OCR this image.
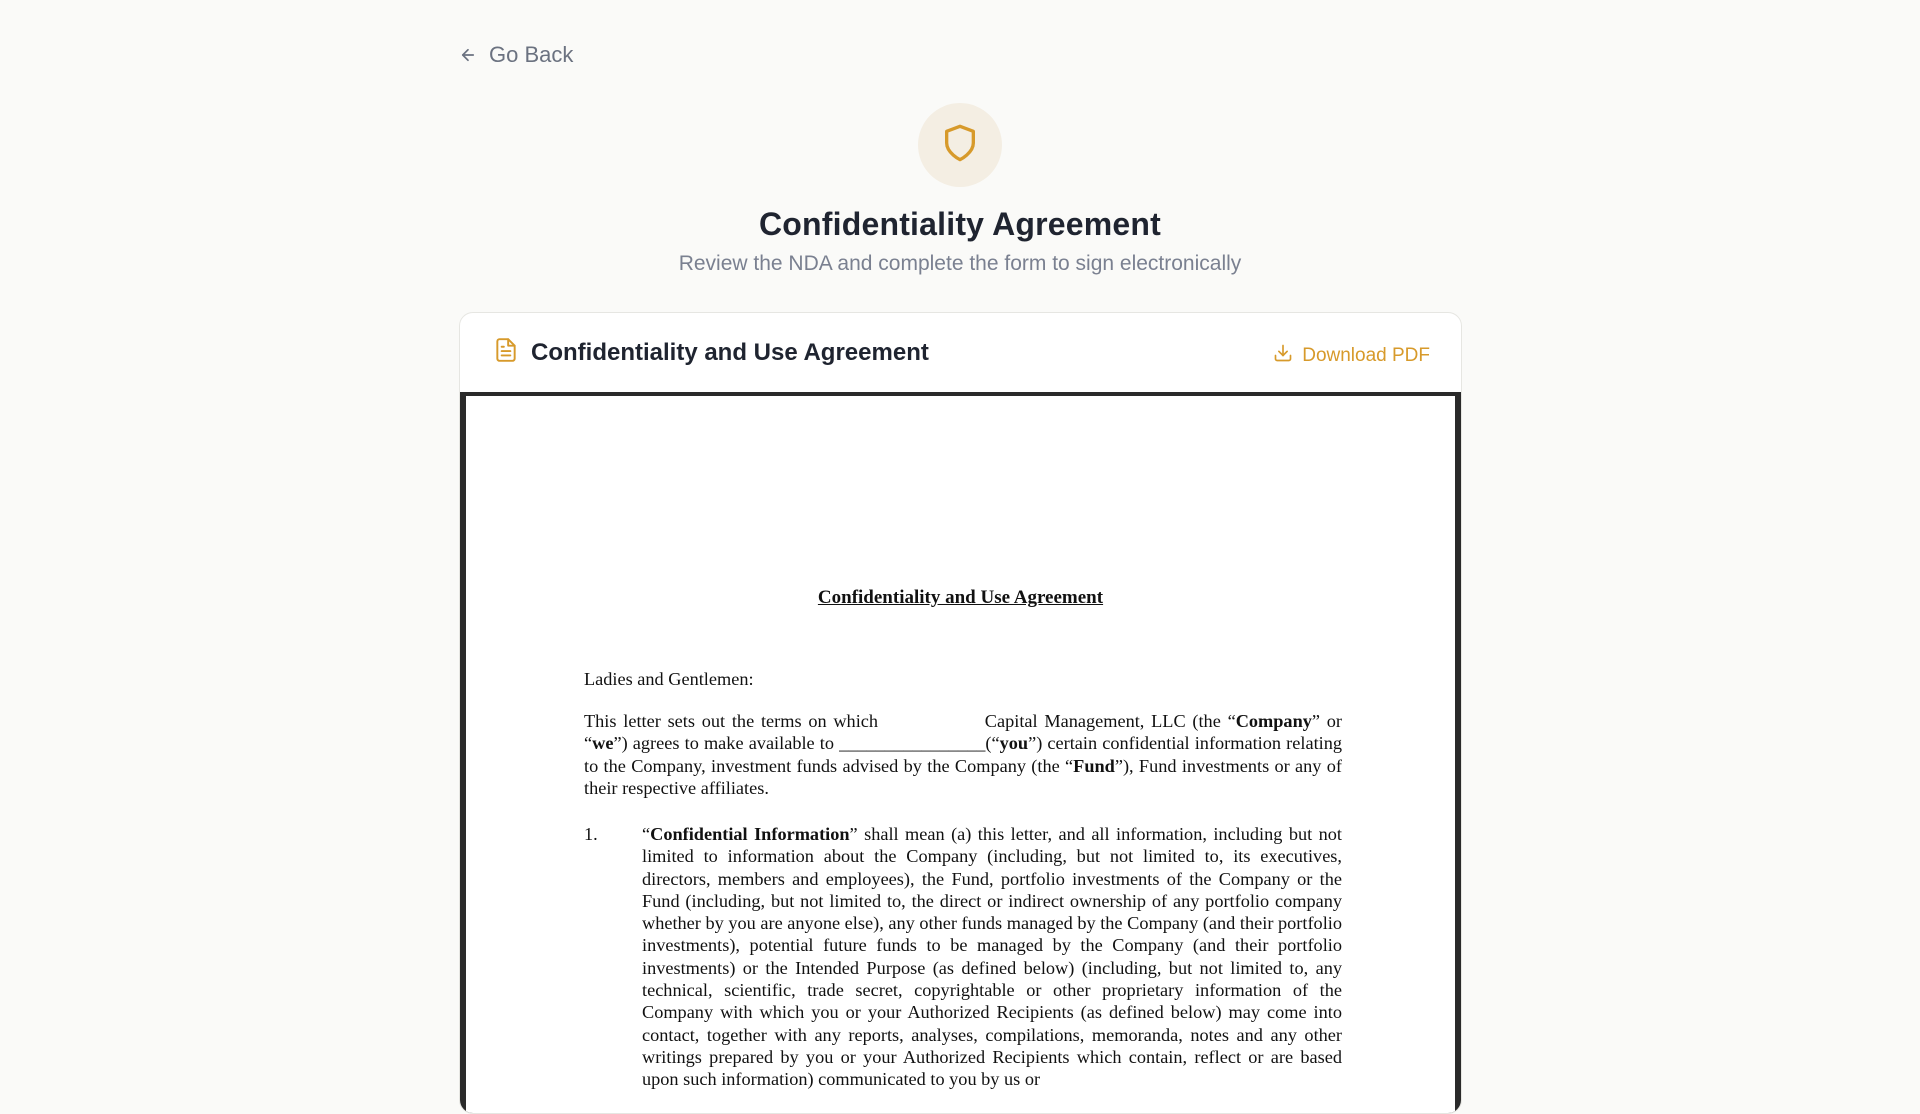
Go Back
Confidentiality Agreement
Review the NDA and complete the form to sign electronically
Confidentiality and Use Agreement	Download PDF
Confidentiality and Use Agreement
Ladies and Gentlemen:
This letter sets out the terms on which	Capital Management, LLC (the “Company” or “we”) agrees to make available to ________________(“you”) certain confidential information relating to the Company, investment funds advised by the Company (the “Fund”), Fund investments or any of their respective affiliates.
1.	“Confidential Information” shall mean (a) this letter, and all information, including but not limited to information about the Company (including, but not limited to, its executives, directors, members and employees), the Fund, portfolio investments of the Company or the Fund (including, but not limited to, the direct or indirect ownership of any portfolio company whether by you are anyone else), any other funds managed by the Company (and their portfolio investments), potential future funds to be managed by the Company (and their portfolio investments) or the Intended Purpose (as defined below) (including, but not limited to, any technical, scientific, trade secret, copyrightable or other proprietary information of the Company with which you or your Authorized Recipients (as defined below) may come into contact, together with any reports, analyses, compilations, memoranda, notes and any other writings prepared by you or your Authorized Recipients which contain, reflect or are based upon such information) communicated to you by us or
